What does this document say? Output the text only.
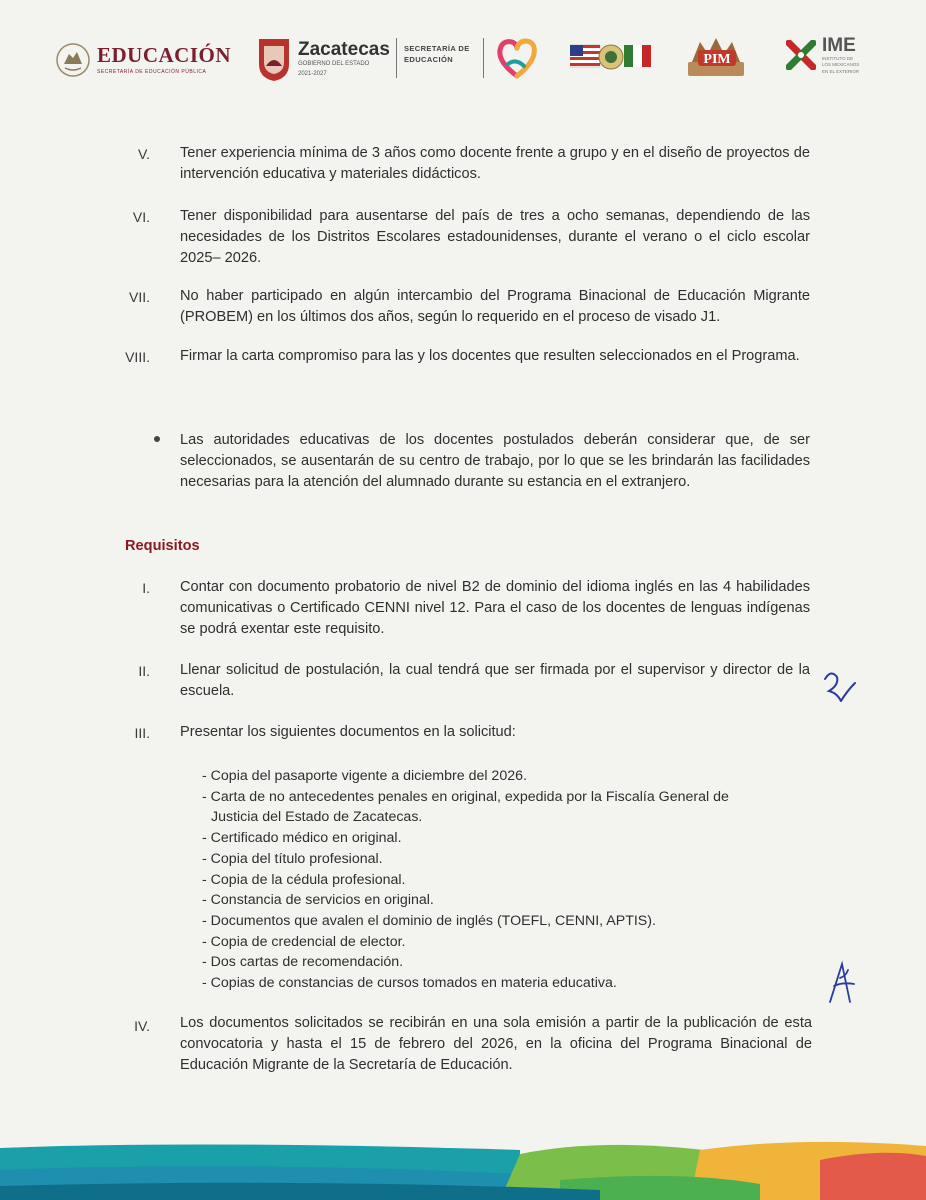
EDUCACIÓN
SECRETARÍA DE EDUCACIÓN PÚBLICA
Zacatecas
GOBIERNO DEL ESTADO
2021-2027
SECRETARÍA DE
EDUCACIÓN	PIM
IME
INSTITUTO DE
LOS MEXICANOS
EN EL EXTERIOR
V. Tener experiencia mínima de 3 años como docente frente a grupo y en el diseño de proyectos de intervención educativa y materiales didácticos.
VI. Tener disponibilidad para ausentarse del país de tres a ocho semanas, dependiendo de las necesidades de los Distritos Escolares estadounidenses, durante el verano o el ciclo escolar 2025– 2026.
VII. No haber participado en algún intercambio del Programa Binacional de Educación Migrante (PROBEM) en los últimos dos años, según lo requerido en el proceso de visado J1.
VIII. Firmar la carta compromiso para las y los docentes que resulten seleccionados en el Programa.
Las autoridades educativas de los docentes postulados deberán considerar que, de ser seleccionados, se ausentarán de su centro de trabajo, por lo que se les brindarán las facilidades necesarias para la atención del alumnado durante su estancia en el extranjero.
Requisitos
I. Contar con documento probatorio de nivel B2 de dominio del idioma inglés en las 4 habilidades comunicativas o Certificado CENNI nivel 12. Para el caso de los docentes de lenguas indígenas se podrá exentar este requisito.
II. Llenar solicitud de postulación, la cual tendrá que ser firmada por el supervisor y director de la escuela.
III. Presentar los siguientes documentos en la solicitud:
- Copia del pasaporte vigente a diciembre del 2026.
- Carta de no antecedentes penales en original, expedida por la Fiscalía General de
Justicia del Estado de Zacatecas.
- Certificado médico en original.
- Copia del título profesional.
- Copia de la cédula profesional.
- Constancia de servicios en original.
- Documentos que avalen el dominio de inglés (TOEFL, CENNI, APTIS).
- Copia de credencial de elector.
- Dos cartas de recomendación.
- Copias de constancias de cursos tomados en materia educativa.
IV. Los documentos solicitados se recibirán en una sola emisión a partir de la publicación de esta convocatoria y hasta el 15 de febrero del 2026, en la oficina del Programa Binacional de Educación Migrante de la Secretaría de Educación.
